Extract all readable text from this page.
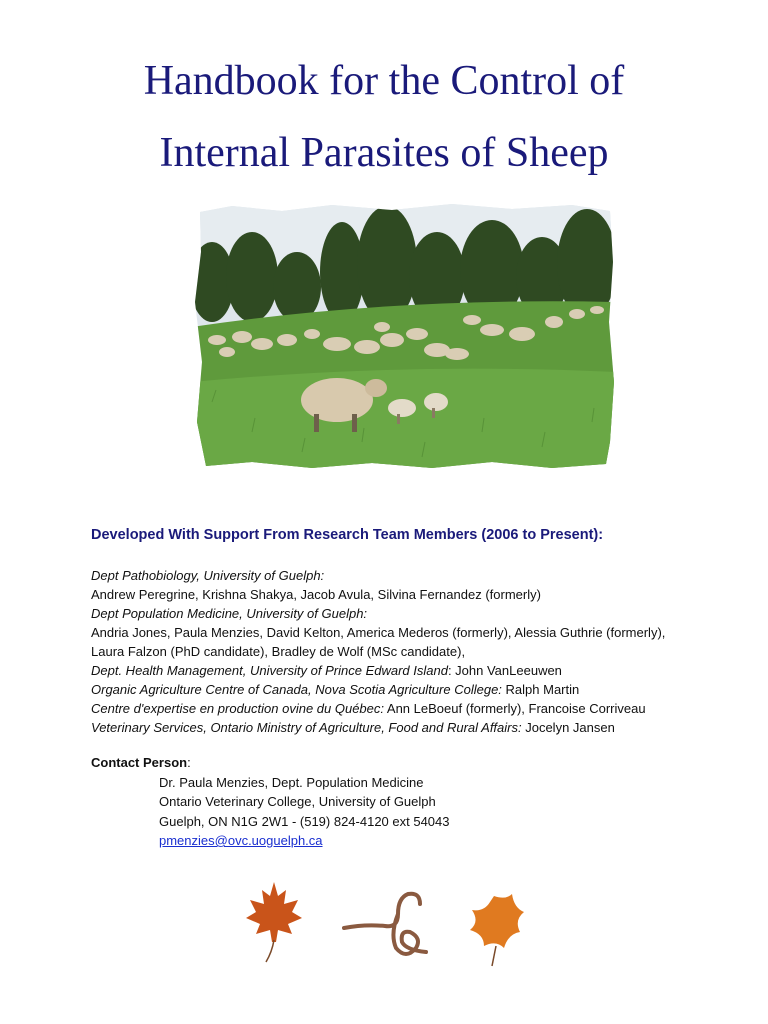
Handbook for the Control of
Internal Parasites of Sheep
Developed With Support From Research Team Members (2006 to Present):
Dept Pathobiology, University of Guelph:
Andrew Peregrine, Krishna Shakya, Jacob Avula, Silvina Fernandez (formerly)
Dept Population Medicine, University of Guelph:
Andria Jones, Paula Menzies, David Kelton, America Mederos (formerly), Alessia Guthrie (formerly),
Laura Falzon (PhD candidate), Bradley de Wolf (MSc candidate),
Dept. Health Management, University of Prince Edward Island: John VanLeeuwen
Organic Agriculture Centre of Canada, Nova Scotia Agriculture College: Ralph Martin
Centre d'expertise en production ovine du Québec: Ann LeBoeuf (formerly), Francoise Corriveau
Veterinary Services, Ontario Ministry of Agriculture, Food and Rural Affairs: Jocelyn Jansen
Contact Person:
Dr. Paula Menzies, Dept. Population Medicine
Ontario Veterinary College, University of Guelph
Guelph, ON N1G 2W1 - (519) 824-4120 ext 54043
pmenzies@ovc.uoguelph.ca
